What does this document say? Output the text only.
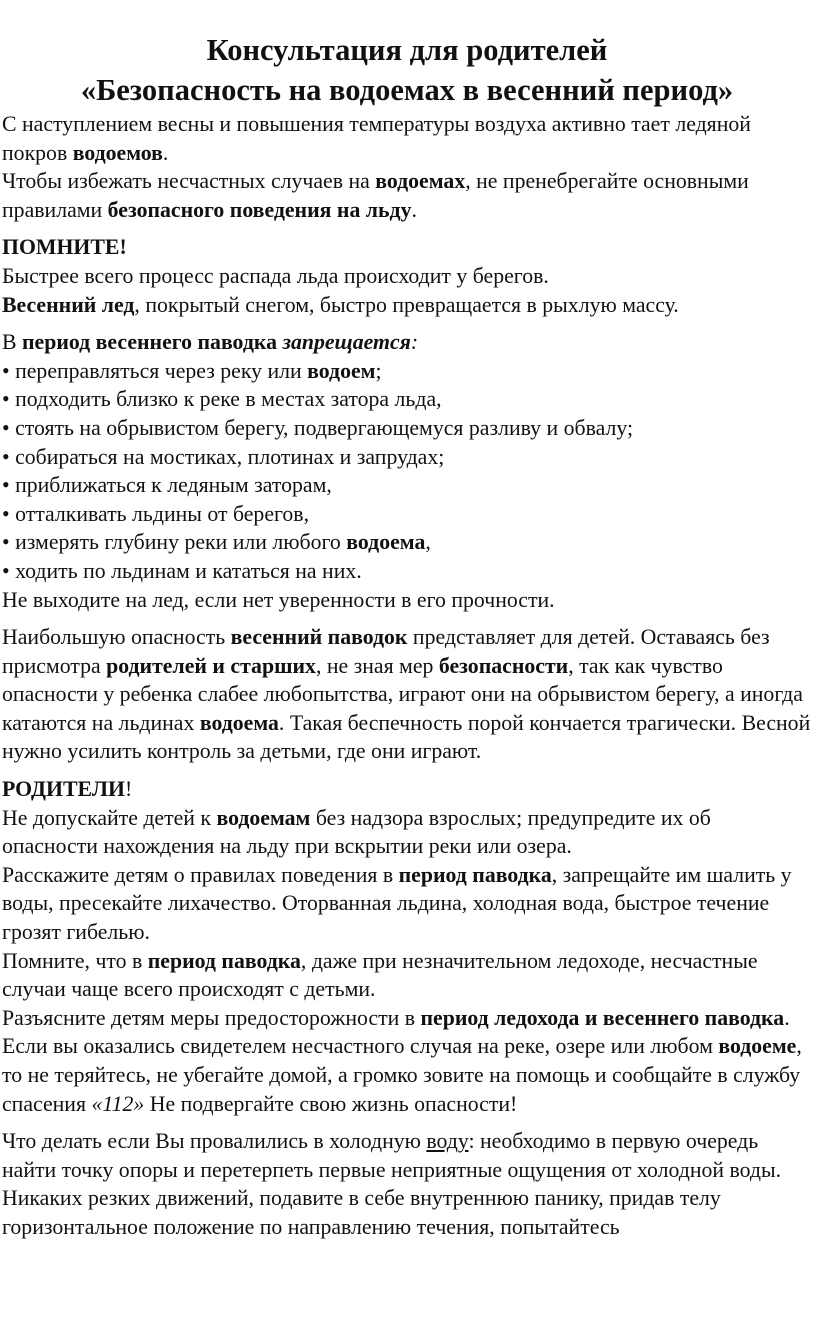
Консультация для родителей
«Безопасность на водоемах в весенний период»

С наступлением весны и повышения температуры воздуха активно тает ледяной покров водоемов.

Чтобы избежать несчастных случаев на водоемах, не пренебрегайте основными правилами безопасного поведения на льду.

ПОМНИТЕ!

Быстрее всего процесс распада льда происходит у берегов.

Весенний лед, покрытый снегом, быстро превращается в рыхлую массу.

В период весеннего паводка запрещается:

• переправляться через реку или водоем;
• подходить близко к реке в местах затора льда,
• стоять на обрывистом берегу, подвергающемуся разливу и обвалу;
• собираться на мостиках, плотинах и запрудах;
• приближаться к ледяным заторам,
• отталкивать льдины от берегов,
• измерять глубину реки или любого водоема,
• ходить по льдинам и кататься на них.

Не выходите на лед, если нет уверенности в его прочности.

Наибольшую опасность весенний паводок представляет для детей. Оставаясь без присмотра родителей и старших, не зная мер безопасности, так как чувство опасности у ребенка слабее любопытства, играют они на обрывистом берегу, а иногда катаются на льдинах водоема. Такая беспечность порой кончается трагически. Весной нужно усилить контроль за детьми, где они играют.

РОДИТЕЛИ!

Не допускайте детей к водоемам без надзора взрослых; предупредите их об опасности нахождения на льду при вскрытии реки или озера.

Расскажите детям о правилах поведения в период паводка, запрещайте им шалить у воды, пресекайте лихачество. Оторванная льдина, холодная вода, быстрое течение грозят гибелью.

Помните, что в период паводка, даже при незначительном ледоходе, несчастные случаи чаще всего происходят с детьми.

Разъясните детям меры предосторожности в период ледохода и весеннего паводка. Если вы оказались свидетелем несчастного случая на реке, озере или любом водоеме, то не теряйтесь, не убегайте домой, а громко зовите на помощь и сообщайте в службу спасения «112» Не подвергайте свою жизнь опасности!

Что делать если Вы провалились в холодную воду: необходимо в первую очередь найти точку опоры и перетерпеть первые неприятные ощущения от холодной воды.

Никаких резких движений, подавите в себе внутреннюю панику, придав телу горизонтальное положение по направлению течения, попытайтесь
